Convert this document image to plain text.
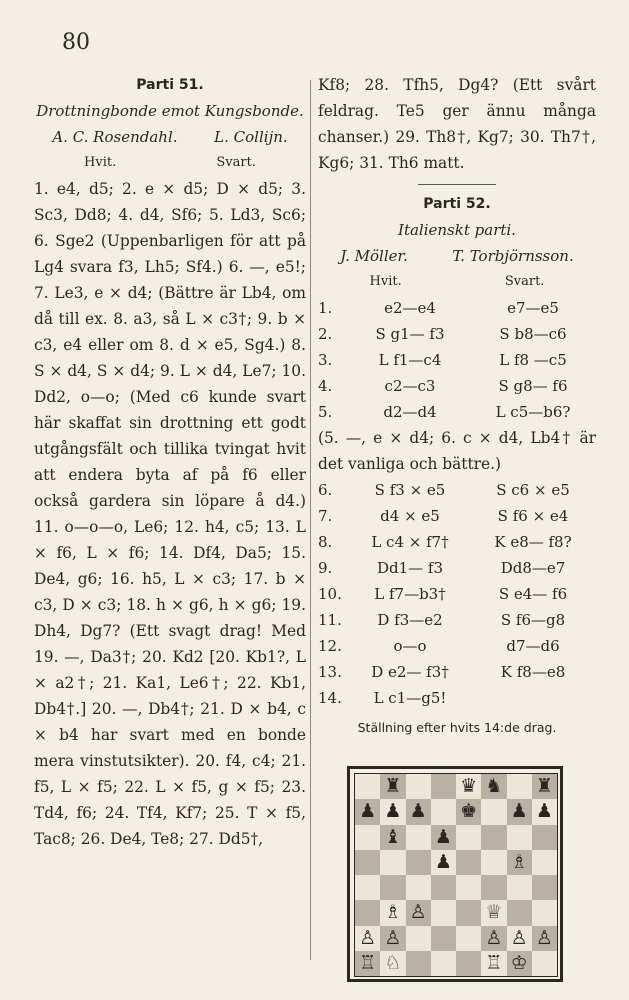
80
Parti 51.
Drottningbonde emot Kungsbonde.
A. C. Rosendahl. L. Collijn.
Hvit.	Svart.
1. e4, d5; 2. e × d5; D × d5; 3. Sc3, Dd8; 4. d4, Sf6; 5. Ld3, Sc6; 6. Sge2 (Uppenbarligen för att på Lg4 svara f3, Lh5; Sf4.) 6. —, e5!; 7. Le3, e × d4; (Bättre är Lb4, om då till ex. 8. a3, så L × c3†; 9. b × c3, e4 eller om 8. d × e5, Sg4.) 8. S × d4, S × d4; 9. L × d4, Le7; 10. Dd2, o—o; (Med c6 kunde svart här skaffat sin drottning ett godt utgångsfält och tillika tvingat hvit att endera byta af på f6 eller också gardera sin löpare å d4.) 11. o—o—o, Le6; 12. h4, c5; 13. L × f6, L × f6; 14. Df4, Da5; 15. De4, g6; 16. h5, L × c3; 17. b × c3, D × c3; 18. h × g6, h × g6; 19. Dh4, Dg7? (Ett svagt drag! Med 19. —, Da3†; 20. Kd2 [20. Kb1?, L × a2†; 21. Ka1, Le6†; 22. Kb1, Db4†.] 20. —, Db4†; 21. D × b4, c × b4 har svart med en bonde mera vinstutsikter). 20. f4, c4; 21. f5, L × f5; 22. L × f5, g × f5; 23. Td4, f6; 24. Tf4, Kf7; 25. T × f5, Tac8; 26. De4, Te8; 27. Dd5†,
Kf8; 28. Tfh5, Dg4? (Ett svårt feldrag. Te5 ger ännu många chanser.) 29. Th8†, Kg7; 30. Th7†, Kg6; 31. Th6 matt.
Parti 52.
Italienskt parti.
J. Möller.	T. Torbjörnsson.
Hvit.	Svart.
1.	e2—e4	e7—e5
2.	S g1— f3	S b8—c6
3.	L f1—c4	L f8 —c5
4.	c2—c3	S g8— f6
5.	d2—d4	L c5—b6?
(5. —, e × d4; 6. c × d4, Lb4† är det vanliga och bättre.)
6.	S f3 × e5	S c6 × e5
7.	d4 × e5	S f6 × e4
8.	L c4 × f7†	K e8— f8?
9.	Dd1— f3	Dd8—e7
10.	L f7—b3†	S e4— f6
11.	D f3—e2	S f6—g8
12.	o—o	d7—d6
13.	D e2— f3†	K f8—e8
14.	L c1—g5!	
Ställning efter hvits 14:de drag.
♜	♛ ♞ ♜
♟ ♟ ♟ ♚ ♟ ♟
♝ ♟
♟	♗
♗ ♙	♕
♙ ♙	♙ ♙ ♙
♖ ♘	♖ ♔
